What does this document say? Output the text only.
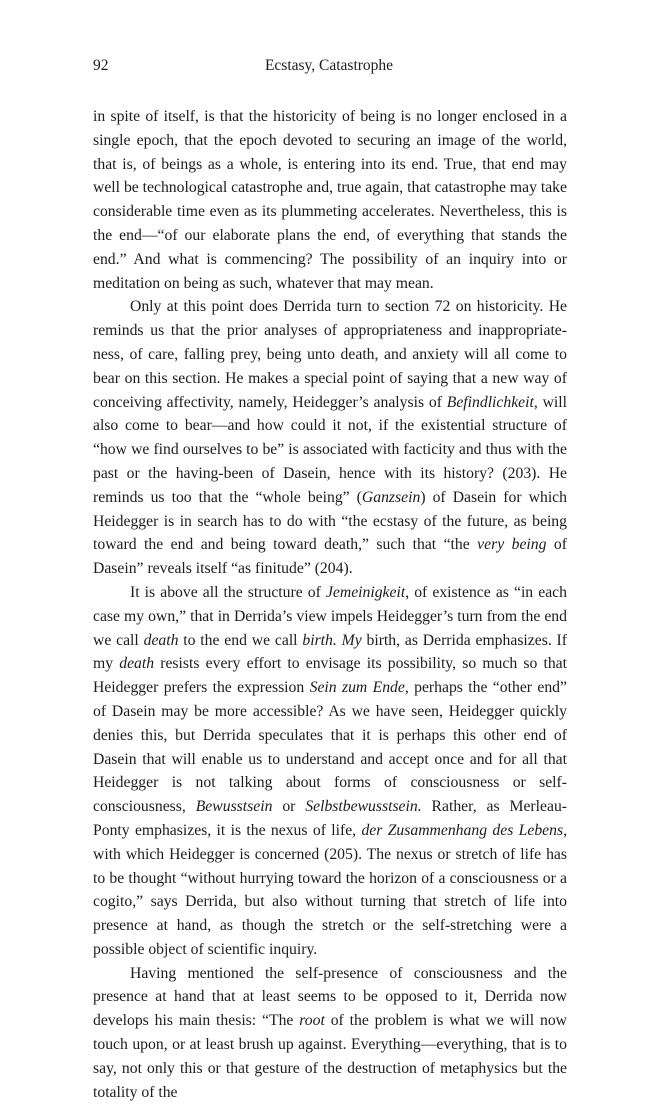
92	Ecstasy, Catastrophe

in spite of itself, is that the historicity of being is no longer enclosed in a single epoch, that the epoch devoted to securing an image of the world, that is, of beings as a whole, is entering into its end. True, that end may well be technological catastrophe and, true again, that catastrophe may take considerable time even as its plummeting accelerates. Nevertheless, this is the end—“of our elaborate plans the end, of everything that stands the end.” And what is commencing? The possibility of an inquiry into or meditation on being as such, whatever that may mean.

Only at this point does Derrida turn to section 72 on historicity. He reminds us that the prior analyses of appropriateness and inappropriate-ness, of care, falling prey, being unto death, and anxiety will all come to bear on this section. He makes a special point of saying that a new way of conceiving affectivity, namely, Heidegger’s analysis of Befindlichkeit, will also come to bear—and how could it not, if the existential structure of “how we find ourselves to be” is associated with facticity and thus with the past or the having-been of Dasein, hence with its history? (203). He reminds us too that the “whole being” (Ganzsein) of Dasein for which Heidegger is in search has to do with “the ecstasy of the future, as being toward the end and being toward death,” such that “the very being of Dasein” reveals itself “as finitude” (204).

It is above all the structure of Jemeinigkeit, of existence as “in each case my own,” that in Derrida’s view impels Heidegger’s turn from the end we call death to the end we call birth. My birth, as Derrida emphasizes. If my death resists every effort to envisage its possibility, so much so that Heidegger prefers the expression Sein zum Ende, perhaps the “other end” of Dasein may be more accessible? As we have seen, Heidegger quickly denies this, but Derrida speculates that it is perhaps this other end of Dasein that will enable us to understand and accept once and for all that Heidegger is not talking about forms of consciousness or self-consciousness, Bewusstsein or Selbstbewusstsein. Rather, as Merleau-Ponty emphasizes, it is the nexus of life, der Zusammenhang des Lebens, with which Heidegger is concerned (205). The nexus or stretch of life has to be thought “without hurrying toward the horizon of a consciousness or a cogito,” says Derrida, but also without turning that stretch of life into presence at hand, as though the stretch or the self-stretching were a possible object of scientific inquiry.

Having mentioned the self-presence of consciousness and the presence at hand that at least seems to be opposed to it, Derrida now develops his main thesis: “The root of the problem is what we will now touch upon, or at least brush up against. Everything—everything, that is to say, not only this or that gesture of the destruction of metaphysics but the totality of the
